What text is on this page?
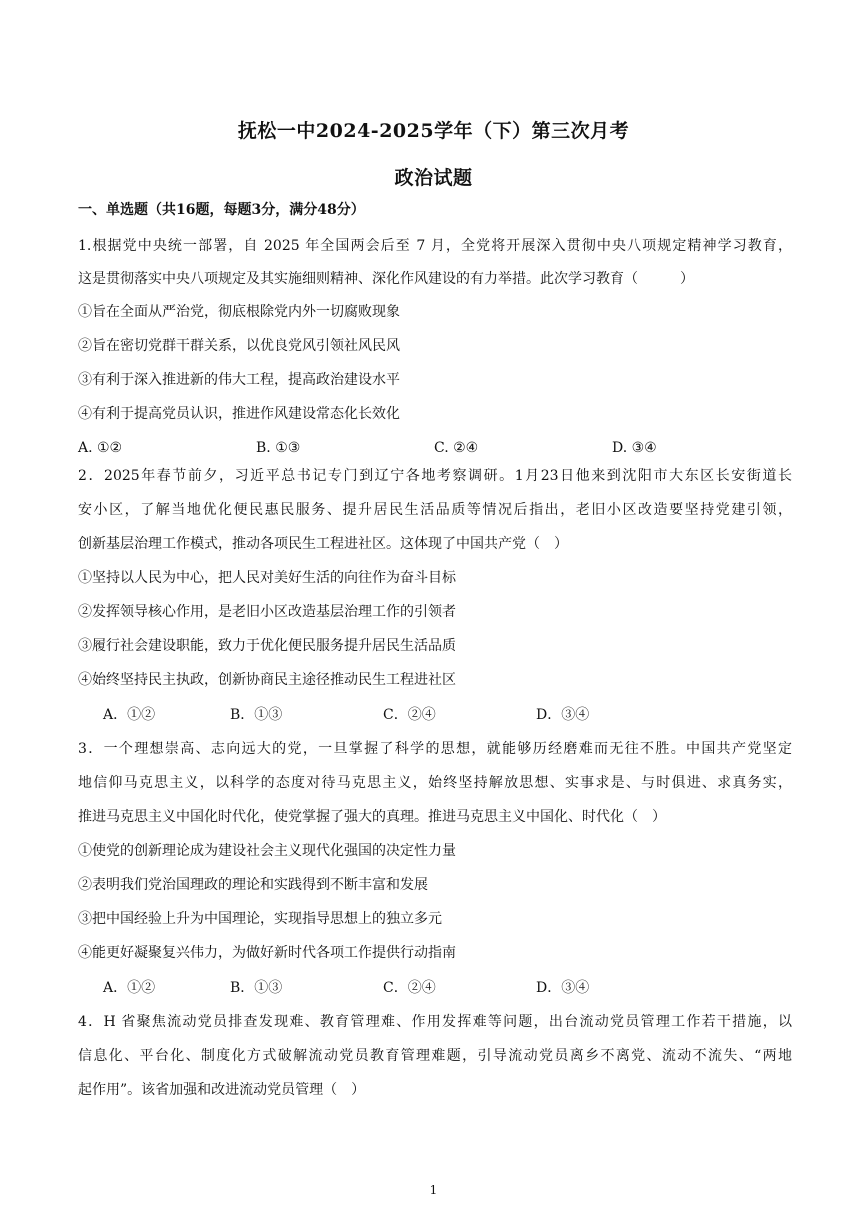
抚松一中2024-2025学年（下）第三次月考
政治试题
一、单选题（共16题，每题3分，满分48分）
1.根据党中央统一部署，自 2025 年全国两会后至 7 月，全党将开展深入贯彻中央八项规定精神学习教育，
这是贯彻落实中央八项规定及其实施细则精神、深化作风建设的有力举措。此次学习教育（　　　）
①旨在全面从严治党，彻底根除党内外一切腐败现象
②旨在密切党群干群关系，以优良党风引领社风民风
③有利于深入推进新的伟大工程，提高政治建设水平
④有利于提高党员认识，推进作风建设常态化长效化
A. ①②	B. ①③	C. ②④	D. ③④
2．2025年春节前夕，习近平总书记专门到辽宁各地考察调研。1月23日他来到沈阳市大东区长安街道长
安小区，了解当地优化便民惠民服务、提升居民生活品质等情况后指出，老旧小区改造要坚持党建引领，
创新基层治理工作模式，推动各项民生工程进社区。这体现了中国共产党（　）
①坚持以人民为中心，把人民对美好生活的向往作为奋斗目标
②发挥领导核心作用，是老旧小区改造基层治理工作的引领者
③履行社会建设职能，致力于优化便民服务提升居民生活品质
④始终坚持民主执政，创新协商民主途径推动民生工程进社区
A．①②	B．①③	C．②④	D．③④
3．一个理想崇高、志向远大的党，一旦掌握了科学的思想，就能够历经磨难而无往不胜。中国共产党坚定
地信仰马克思主义，以科学的态度对待马克思主义，始终坚持解放思想、实事求是、与时俱进、求真务实，
推进马克思主义中国化时代化，使党掌握了强大的真理。推进马克思主义中国化、时代化（　）
①使党的创新理论成为建设社会主义现代化强国的决定性力量
②表明我们党治国理政的理论和实践得到不断丰富和发展
③把中国经验上升为中国理论，实现指导思想上的独立多元
④能更好凝聚复兴伟力，为做好新时代各项工作提供行动指南
A．①②	B．①③	C．②④	D．③④
4．H 省聚焦流动党员排查发现难、教育管理难、作用发挥难等问题，出台流动党员管理工作若干措施，以
信息化、平台化、制度化方式破解流动党员教育管理难题，引导流动党员离乡不离党、流动不流失、“两地
起作用”。该省加强和改进流动党员管理（　）
1
